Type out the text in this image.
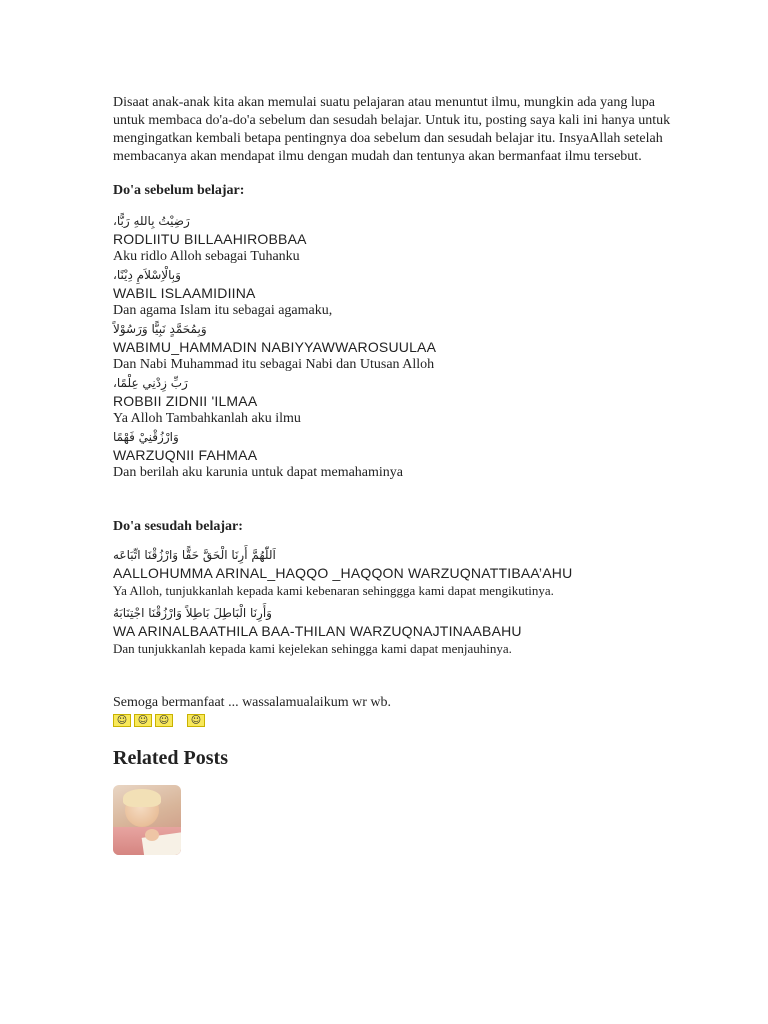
Disaat anak-anak kita akan memulai suatu pelajaran atau menuntut ilmu, mungkin ada yang lupa untuk membaca do'a-do'a sebelum dan sesudah belajar. Untuk itu, posting saya kali ini hanya untuk mengingatkan kembali betapa pentingnya doa sebelum dan sesudah belajar itu. InsyaAllah setelah membacanya akan mendapat ilmu dengan mudah dan tentunya akan bermanfaat ilmu tersebut.

Do'a sebelum belajar:

رَضِيْتُ بِاللهِ رَبًّا،
RODLIITU BILLAAHIROBBAA
Aku ridlo Alloh sebagai Tuhanku
وَبِالْاِسْلاَمِ دِيْنًا،
WABIL ISLAAMIDIINA
Dan agama Islam itu sebagai agamaku,
وَبِمُحَمَّدٍ نَبِيًّا وَرَسُوْلاً
WABIMU_HAMMADIN NABIYYAWWAROSUULAA
Dan Nabi Muhammad itu sebagai Nabi dan Utusan Alloh
رَبِّ زِدْنِي عِلْمًا،
ROBBII ZIDNII 'ILMAA
Ya Alloh Tambahkanlah aku ilmu
وَارْزُقْنِيْ فَهْمًا
WARZUQNII FAHMAA
Dan berilah aku karunia untuk dapat memahaminya

Do'a sesudah belajar:

اَللّٰهُمَّ أَرِنَا الْحَقَّ حَقًّا وَارْزُقْنَا اتِّبَاعَه
AALLOHUMMA ARINAL_HAQQO _HAQQON WARZUQNATTIBAA’AHU
Ya Alloh, tunjukkanlah kepada kami kebenaran sehinggga kami dapat mengikutinya.
وَأَرِنَا الْبَاطِلَ بَاطِلاً وَارْزُقْنَا اجْتِنَابَهُ
WA ARINALBAATHILA BAA-THILAN WARZUQNAJTINAABAHU
Dan tunjukkanlah kepada kami kejelekan sehingga kami dapat menjauhinya.

Semoga bermanfaat ... wassalamualaikum wr wb.

☺	☺	☺	☺
Related Posts
